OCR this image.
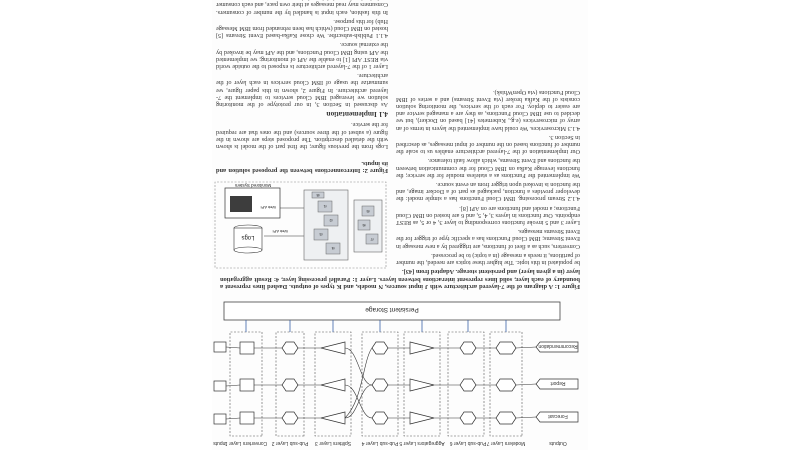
Persistent Storage
Inputs
Converters Layer 1 Pub-sub Layer 2 Splitters Layer 3 Pub-sub Layer 4 Aggregators Layer 5 Pub-sub Layer 6 Modelers Layer 7	Outputs
Forecast
Report
Recommendation
Figure 1: A diagram of the 7-layered architecture with J input sources, N models, and K types of outputs. Dashed lines represent a boundary of each layer, solid lines represent interactions between layers. Layer 1: Parallel processing layer, 4: Result aggregation layer (in a given layer) and persistent storage. Adapted from [43].
Monitored System
Web API
Logs
Web API
f1
f2
f3
f4
f5
f6
f7
f8
Figure 2: Interconnections between the proposed solution and its inputs.

be populated in this topic. The higher these topics are needed, the number of partitions, it needs a message (in a topic) to be processed.

Converters, such as a fleet of functions, are triggered by a new message in Event Streams; IBM Cloud Functions has a specific type of trigger for the Event Streams messages.

Layer 3 and 5 invoke functions corresponding to layer 3, 4 or 5, as REST endpoints. Our functions in layers 3, 4, 5, and 6 are hosted on IBM Cloud Functions; a model and functions are on API [8].

4.1.2 Stream processing. IBM Cloud Functions has a simple model: the developer provides a function, packaged as part of a Docker image, and the function is invoked upon trigger from an event source.

We implemented the Functions as a stateless module for the service; the functions leverage Kafka on IBM Cloud for the communication between the functions and Event Streams, which allow fault tolerance.

Our implementation of the 7-layered architecture enables us to scale the number of functions based on the number of input messages, as described in Section 3.

4.1.3 Microservices. We could have implemented the layers in terms of an array of microservices (e.g., Kubernetes [41] based on Docker), but we decided to use IBM Cloud Functions, as they are a managed service and are easier to deploy. For each of the services, the monitoring solution consists of the Kafka broker (via Event Streams) and a series of IBM Cloud Functions (via OpenWhisk).

Logs from the previous figure; the first part of the model is shown with the detailed description. The proposed steps are shown in the figure (a subset of the three sources) and the ones that are required for the service.

4.1 Implementation

As discussed in Section 3, in our prototype of the monitoring solution we leveraged IBM Cloud services to implement the 7-layered architecture. In Figure 2, shown in this paper figure, we summarize the usage of IBM Cloud services in each layer of the architecture.

Layer 1 of the 7-layered architecture is exposed to the outside world via REST API [1] to enable the API of monitoring; we implemented the API using IBM Cloud Functions, and the API may be invoked by the external source.

4.1.1 Publish-subscribe. We chose Kafka-based Event Streams [5] hosted on IBM Cloud (which has been rebranded from IBM Message Hub) for this purpose.

In this fashion, each input is handled by the number of consumers. Consumers may read messages at their own pace, and each consumer
